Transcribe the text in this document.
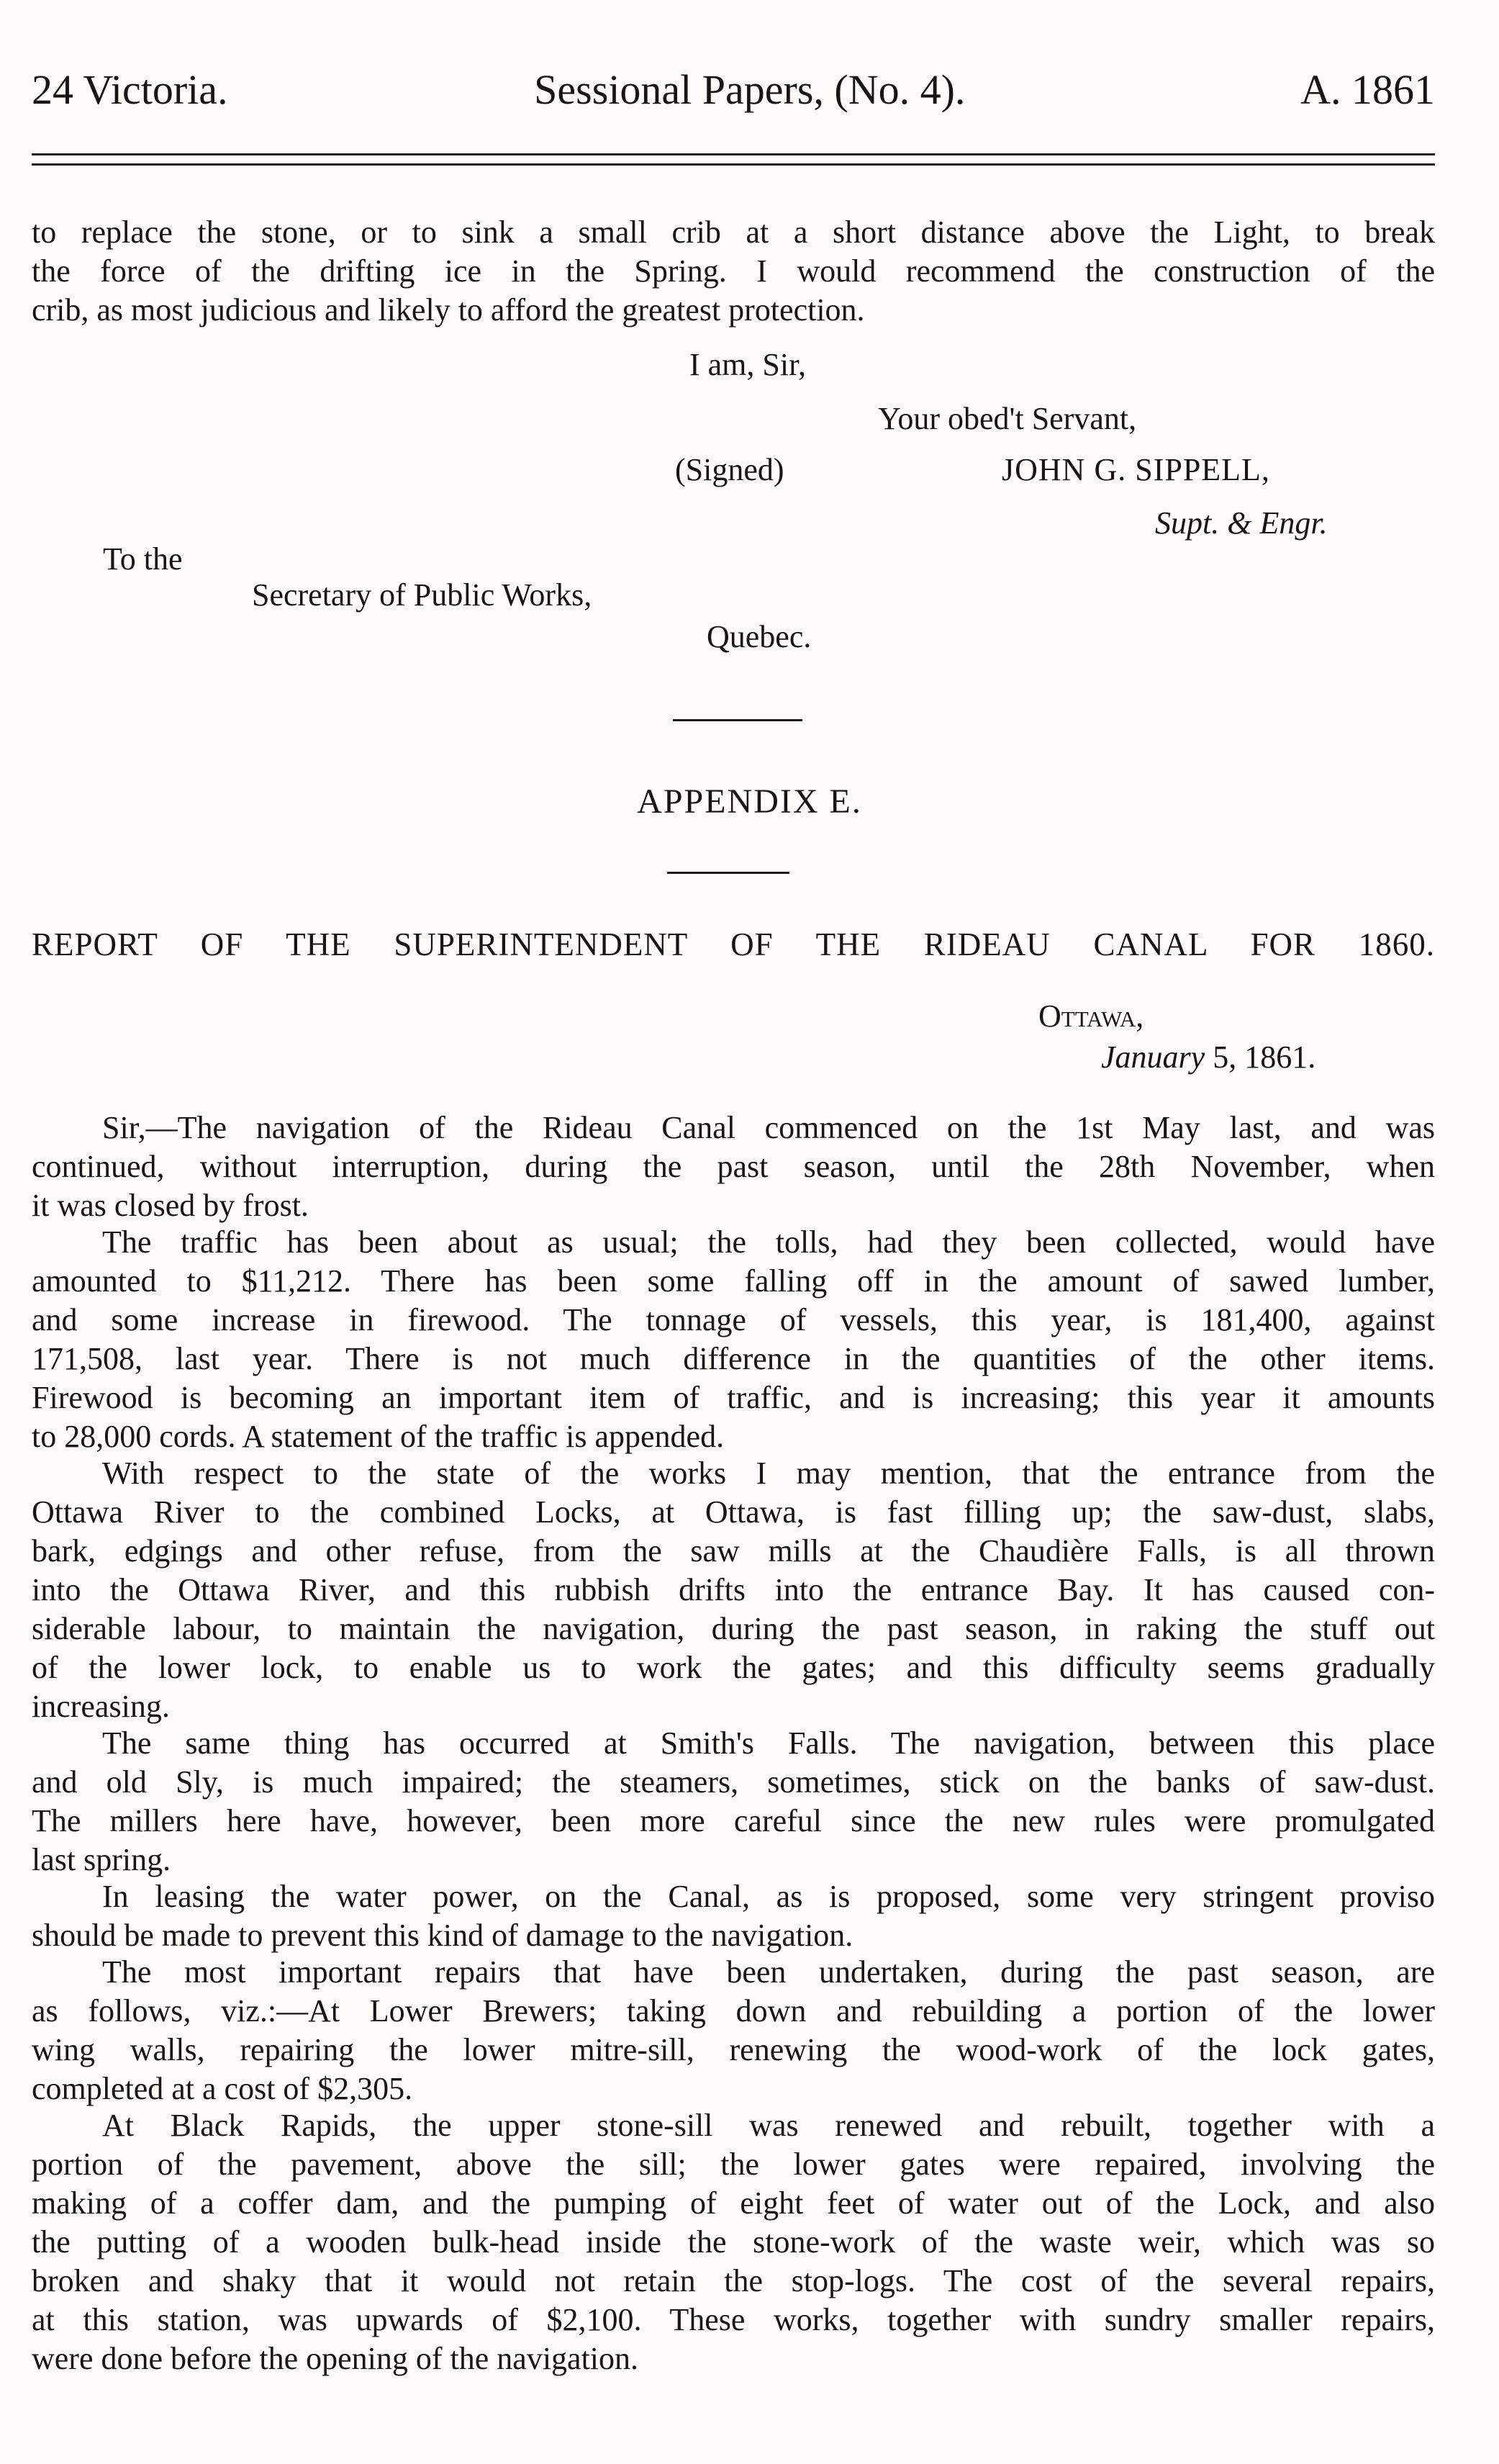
24 Victoria.	Sessional Papers, (No. 4).	A. 1861
to replace the stone, or to sink a small crib at a short distance above the Light, to break
the force of the drifting ice in the Spring. I would recommend the construction of the
crib, as most judicious and likely to afford the greatest protection.
I am, Sir,
Your obed't Servant,
(Signed)	JOHN G. SIPPELL,
Supt. & Engr.
To the
Secretary of Public Works,
Quebec.
APPENDIX E.
REPORT OF THE SUPERINTENDENT OF THE RIDEAU CANAL FOR 1860.
Ottawa,
January 5, 1861.
Sir,—The navigation of the Rideau Canal commenced on the 1st May last, and was
continued, without interruption, during the past season, until the 28th November, when
it was closed by frost.
The traffic has been about as usual; the tolls, had they been collected, would have
amounted to $11,212. There has been some falling off in the amount of sawed lumber,
and some increase in firewood. The tonnage of vessels, this year, is 181,400, against
171,508, last year. There is not much difference in the quantities of the other items.
Firewood is becoming an important item of traffic, and is increasing; this year it amounts
to 28,000 cords. A statement of the traffic is appended.
With respect to the state of the works I may mention, that the entrance from the
Ottawa River to the combined Locks, at Ottawa, is fast filling up; the saw-dust, slabs,
bark, edgings and other refuse, from the saw mills at the Chaudière Falls, is all thrown
into the Ottawa River, and this rubbish drifts into the entrance Bay. It has caused con-
siderable labour, to maintain the navigation, during the past season, in raking the stuff out
of the lower lock, to enable us to work the gates; and this difficulty seems gradually
increasing.
The same thing has occurred at Smith's Falls. The navigation, between this place
and old Sly, is much impaired; the steamers, sometimes, stick on the banks of saw-dust.
The millers here have, however, been more careful since the new rules were promulgated
last spring.
In leasing the water power, on the Canal, as is proposed, some very stringent proviso
should be made to prevent this kind of damage to the navigation.
The most important repairs that have been undertaken, during the past season, are
as follows, viz.:—At Lower Brewers; taking down and rebuilding a portion of the lower
wing walls, repairing the lower mitre-sill, renewing the wood-work of the lock gates,
completed at a cost of $2,305.
At Black Rapids, the upper stone-sill was renewed and rebuilt, together with a
portion of the pavement, above the sill; the lower gates were repaired, involving the
making of a coffer dam, and the pumping of eight feet of water out of the Lock, and also
the putting of a wooden bulk-head inside the stone-work of the waste weir, which was so
broken and shaky that it would not retain the stop-logs. The cost of the several repairs,
at this station, was upwards of $2,100. These works, together with sundry smaller repairs,
were done before the opening of the navigation.
